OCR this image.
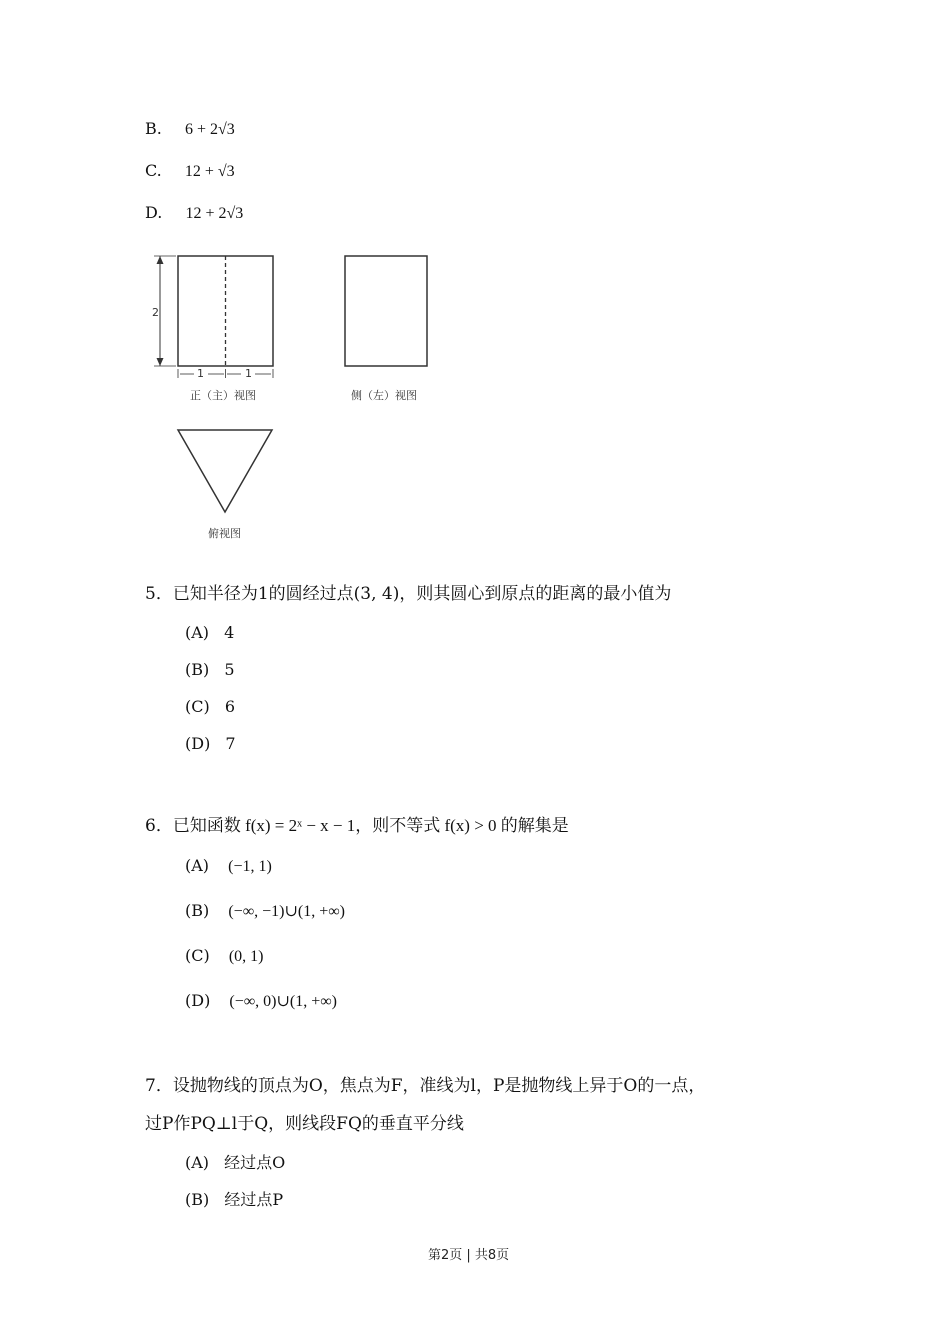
B. 6 + 2√3
C. 12 + √3
D. 12 + 2√3
2
1	1
正（主）视图	侧（左）视图
俯视图
5．已知半径为1的圆经过点(3, 4)，则其圆心到原点的距离的最小值为
(A) 4
(B) 5
(C) 6
(D) 7
6．已知函数 f(x) = 2ˣ − x − 1，则不等式 f(x) > 0 的解集是
(A) (−1, 1)
(B) (−∞, −1)∪(1, +∞)
(C) (0, 1)
(D) (−∞, 0)∪(1, +∞)
7．设抛物线的顶点为O，焦点为F，准线为l，P是抛物线上异于O的一点，
过P作PQ⊥l于Q，则线段FQ的垂直平分线
(A) 经过点O
(B) 经过点P
第2页 | 共8页
